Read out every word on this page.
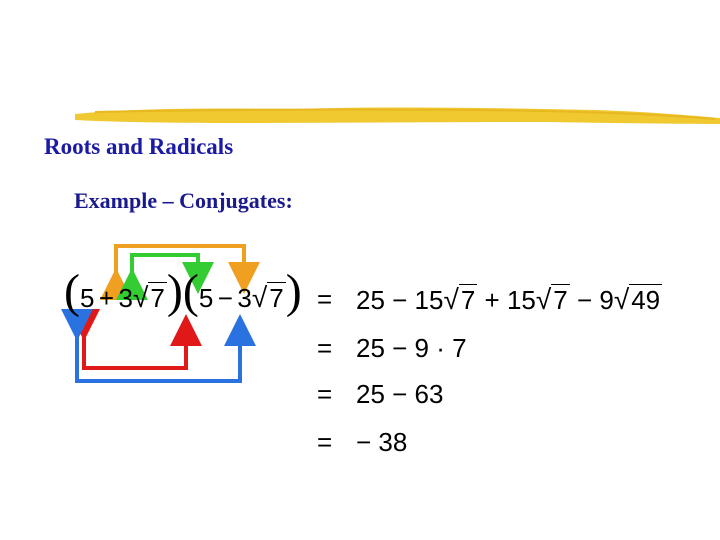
Roots and Radicals
Example – Conjugates:
(5 + 3√7)(5 − 3√7) = 25 − 15√7 + 15√7 − 9√49
= 25 − 9 · 7
= 25 − 63
= − 38
